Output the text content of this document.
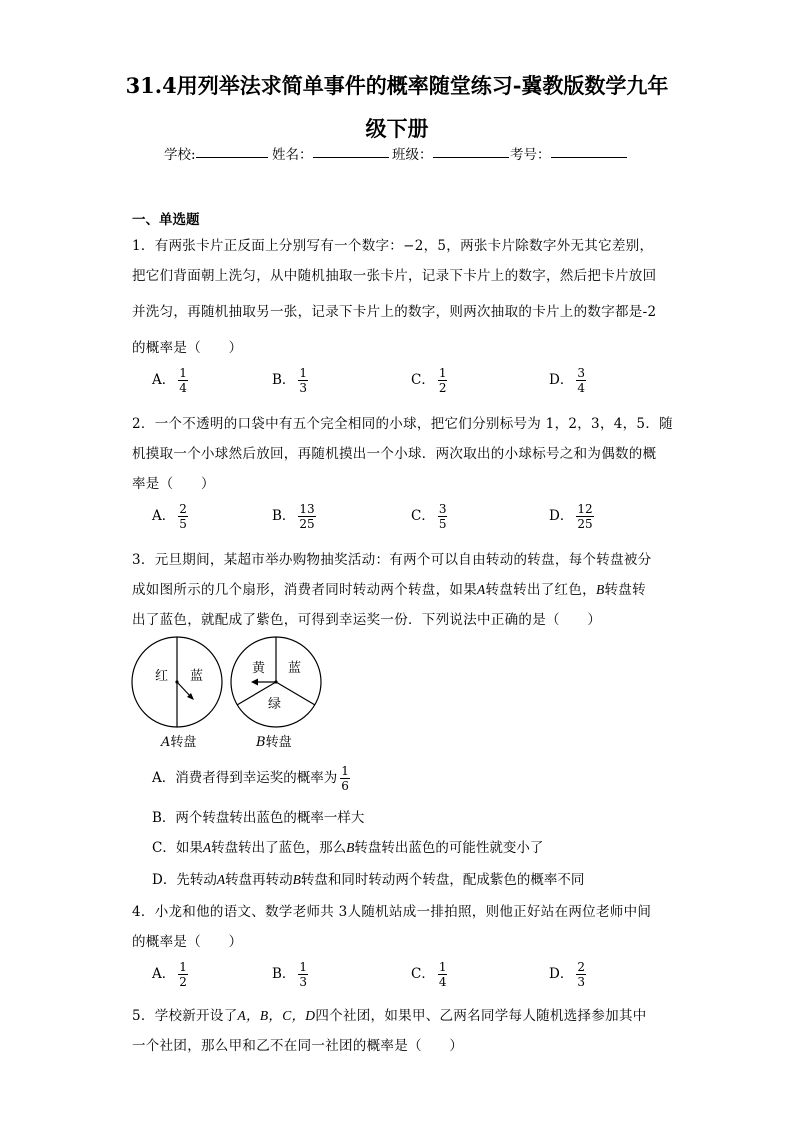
31.4用列举法求简单事件的概率随堂练习-冀教版数学九年
级下册
学校:	姓名：	班级：	考号：
一、单选题
1．有两张卡片正反面上分别写有一个数字：−2，5，两张卡片除数字外无其它差别，
把它们背面朝上洗匀，从中随机抽取一张卡片，记录下卡片上的数字，然后把卡片放回
并洗匀，再随机抽取另一张，记录下卡片上的数字，则两次抽取的卡片上的数字都是-2
的概率是（　　）
A． $\frac{1}{4}$	B． $\frac{1}{3}$	C． $\frac{1}{2}$	D． $\frac{3}{4}$
2．一个不透明的口袋中有五个完全相同的小球，把它们分别标号为 1，2，3，4，5．随
机摸取一个小球然后放回，再随机摸出一个小球．两次取出的小球标号之和为偶数的概
率是（　　）
A． $\frac{2}{5}$	B． $\frac{13}{25}$	C． $\frac{3}{5}$	D． $\frac{12}{25}$
3．元旦期间，某超市举办购物抽奖活动：有两个可以自由转动的转盘，每个转盘被分
成如图所示的几个扇形，消费者同时转动两个转盘，如果A转盘转出了红色，B转盘转
出了蓝色，就配成了紫色，可得到幸运奖一份．下列说法中正确的是（　　）
红 蓝
黄 蓝
绿
A转盘	B转盘
A．消费者得到幸运奖的概率为 $\frac{1}{6}$
B．两个转盘转出蓝色的概率一样大
C．如果A转盘转出了蓝色，那么B转盘转出蓝色的可能性就变小了
D．先转动A转盘再转动B转盘和同时转动两个转盘，配成紫色的概率不同
4．小龙和他的语文、数学老师共 3人随机站成一排拍照，则他正好站在两位老师中间
的概率是（　　）
A． $\frac{1}{2}$	B． $\frac{1}{3}$	C． $\frac{1}{4}$	D． $\frac{2}{3}$
5．学校新开设了A，B，C，D四个社团，如果甲、乙两名同学每人随机选择参加其中
一个社团，那么甲和乙不在同一社团的概率是（　　）
